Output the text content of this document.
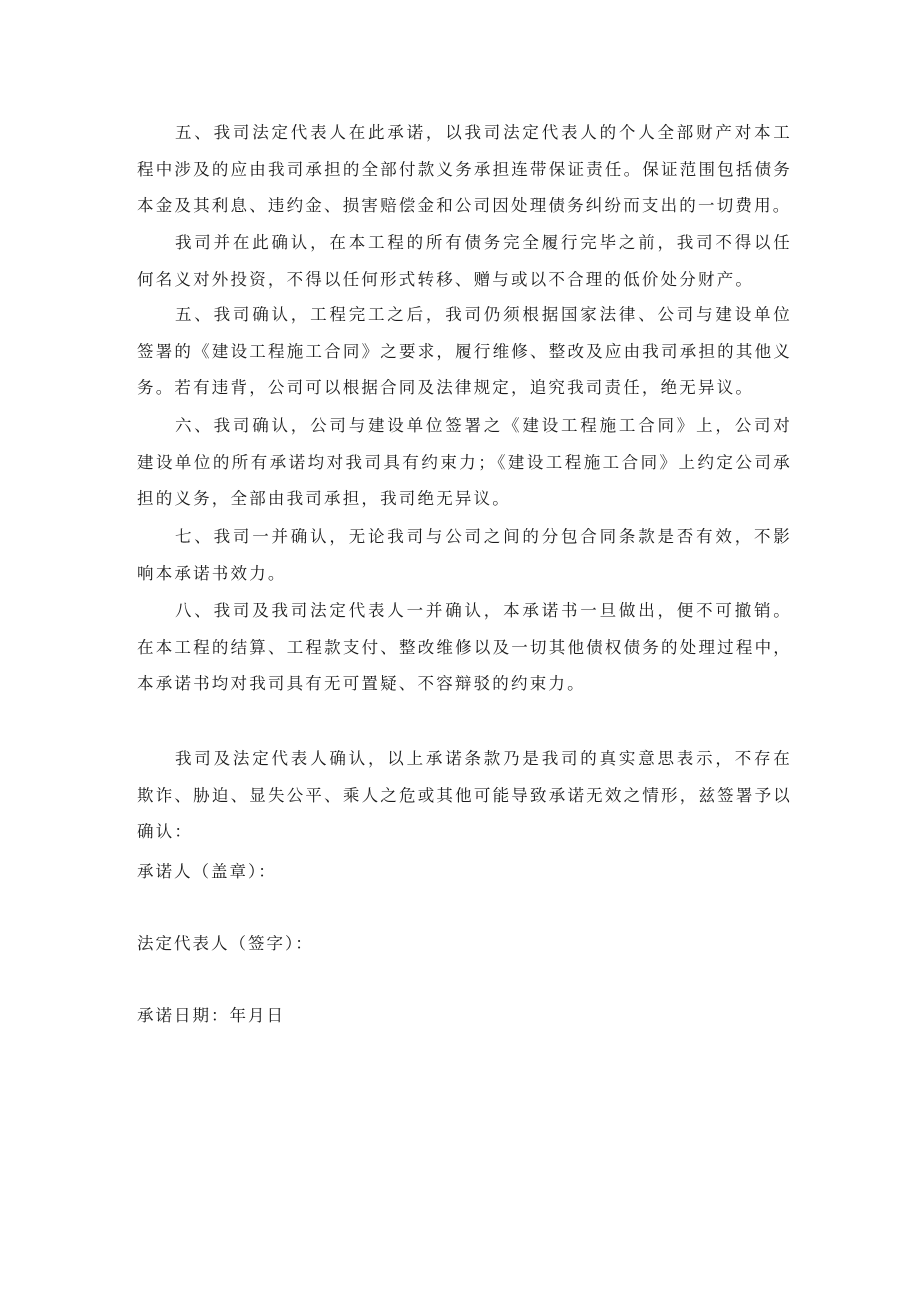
五、我司法定代表人在此承诺，以我司法定代表人的个人全部财产对本工程中涉及的应由我司承担的全部付款义务承担连带保证责任。保证范围包括债务本金及其利息、违约金、损害赔偿金和公司因处理债务纠纷而支出的一切费用。

我司并在此确认，在本工程的所有债务完全履行完毕之前，我司不得以任何名义对外投资，不得以任何形式转移、赠与或以不合理的低价处分财产。

五、我司确认，工程完工之后，我司仍须根据国家法律、公司与建设单位签署的《建设工程施工合同》之要求，履行维修、整改及应由我司承担的其他义务。若有违背，公司可以根据合同及法律规定，追究我司责任，绝无异议。

六、我司确认，公司与建设单位签署之《建设工程施工合同》上，公司对建设单位的所有承诺均对我司具有约束力；《建设工程施工合同》上约定公司承担的义务，全部由我司承担，我司绝无异议。

七、我司一并确认，无论我司与公司之间的分包合同条款是否有效，不影响本承诺书效力。

八、我司及我司法定代表人一并确认，本承诺书一旦做出，便不可撤销。在本工程的结算、工程款支付、整改维修以及一切其他债权债务的处理过程中，本承诺书均对我司具有无可置疑、不容辩驳的约束力。

我司及法定代表人确认，以上承诺条款乃是我司的真实意思表示，不存在欺诈、胁迫、显失公平、乘人之危或其他可能导致承诺无效之情形，兹签署予以确认：

承诺人（盖章）：

法定代表人（签字）：

承诺日期：年月日
